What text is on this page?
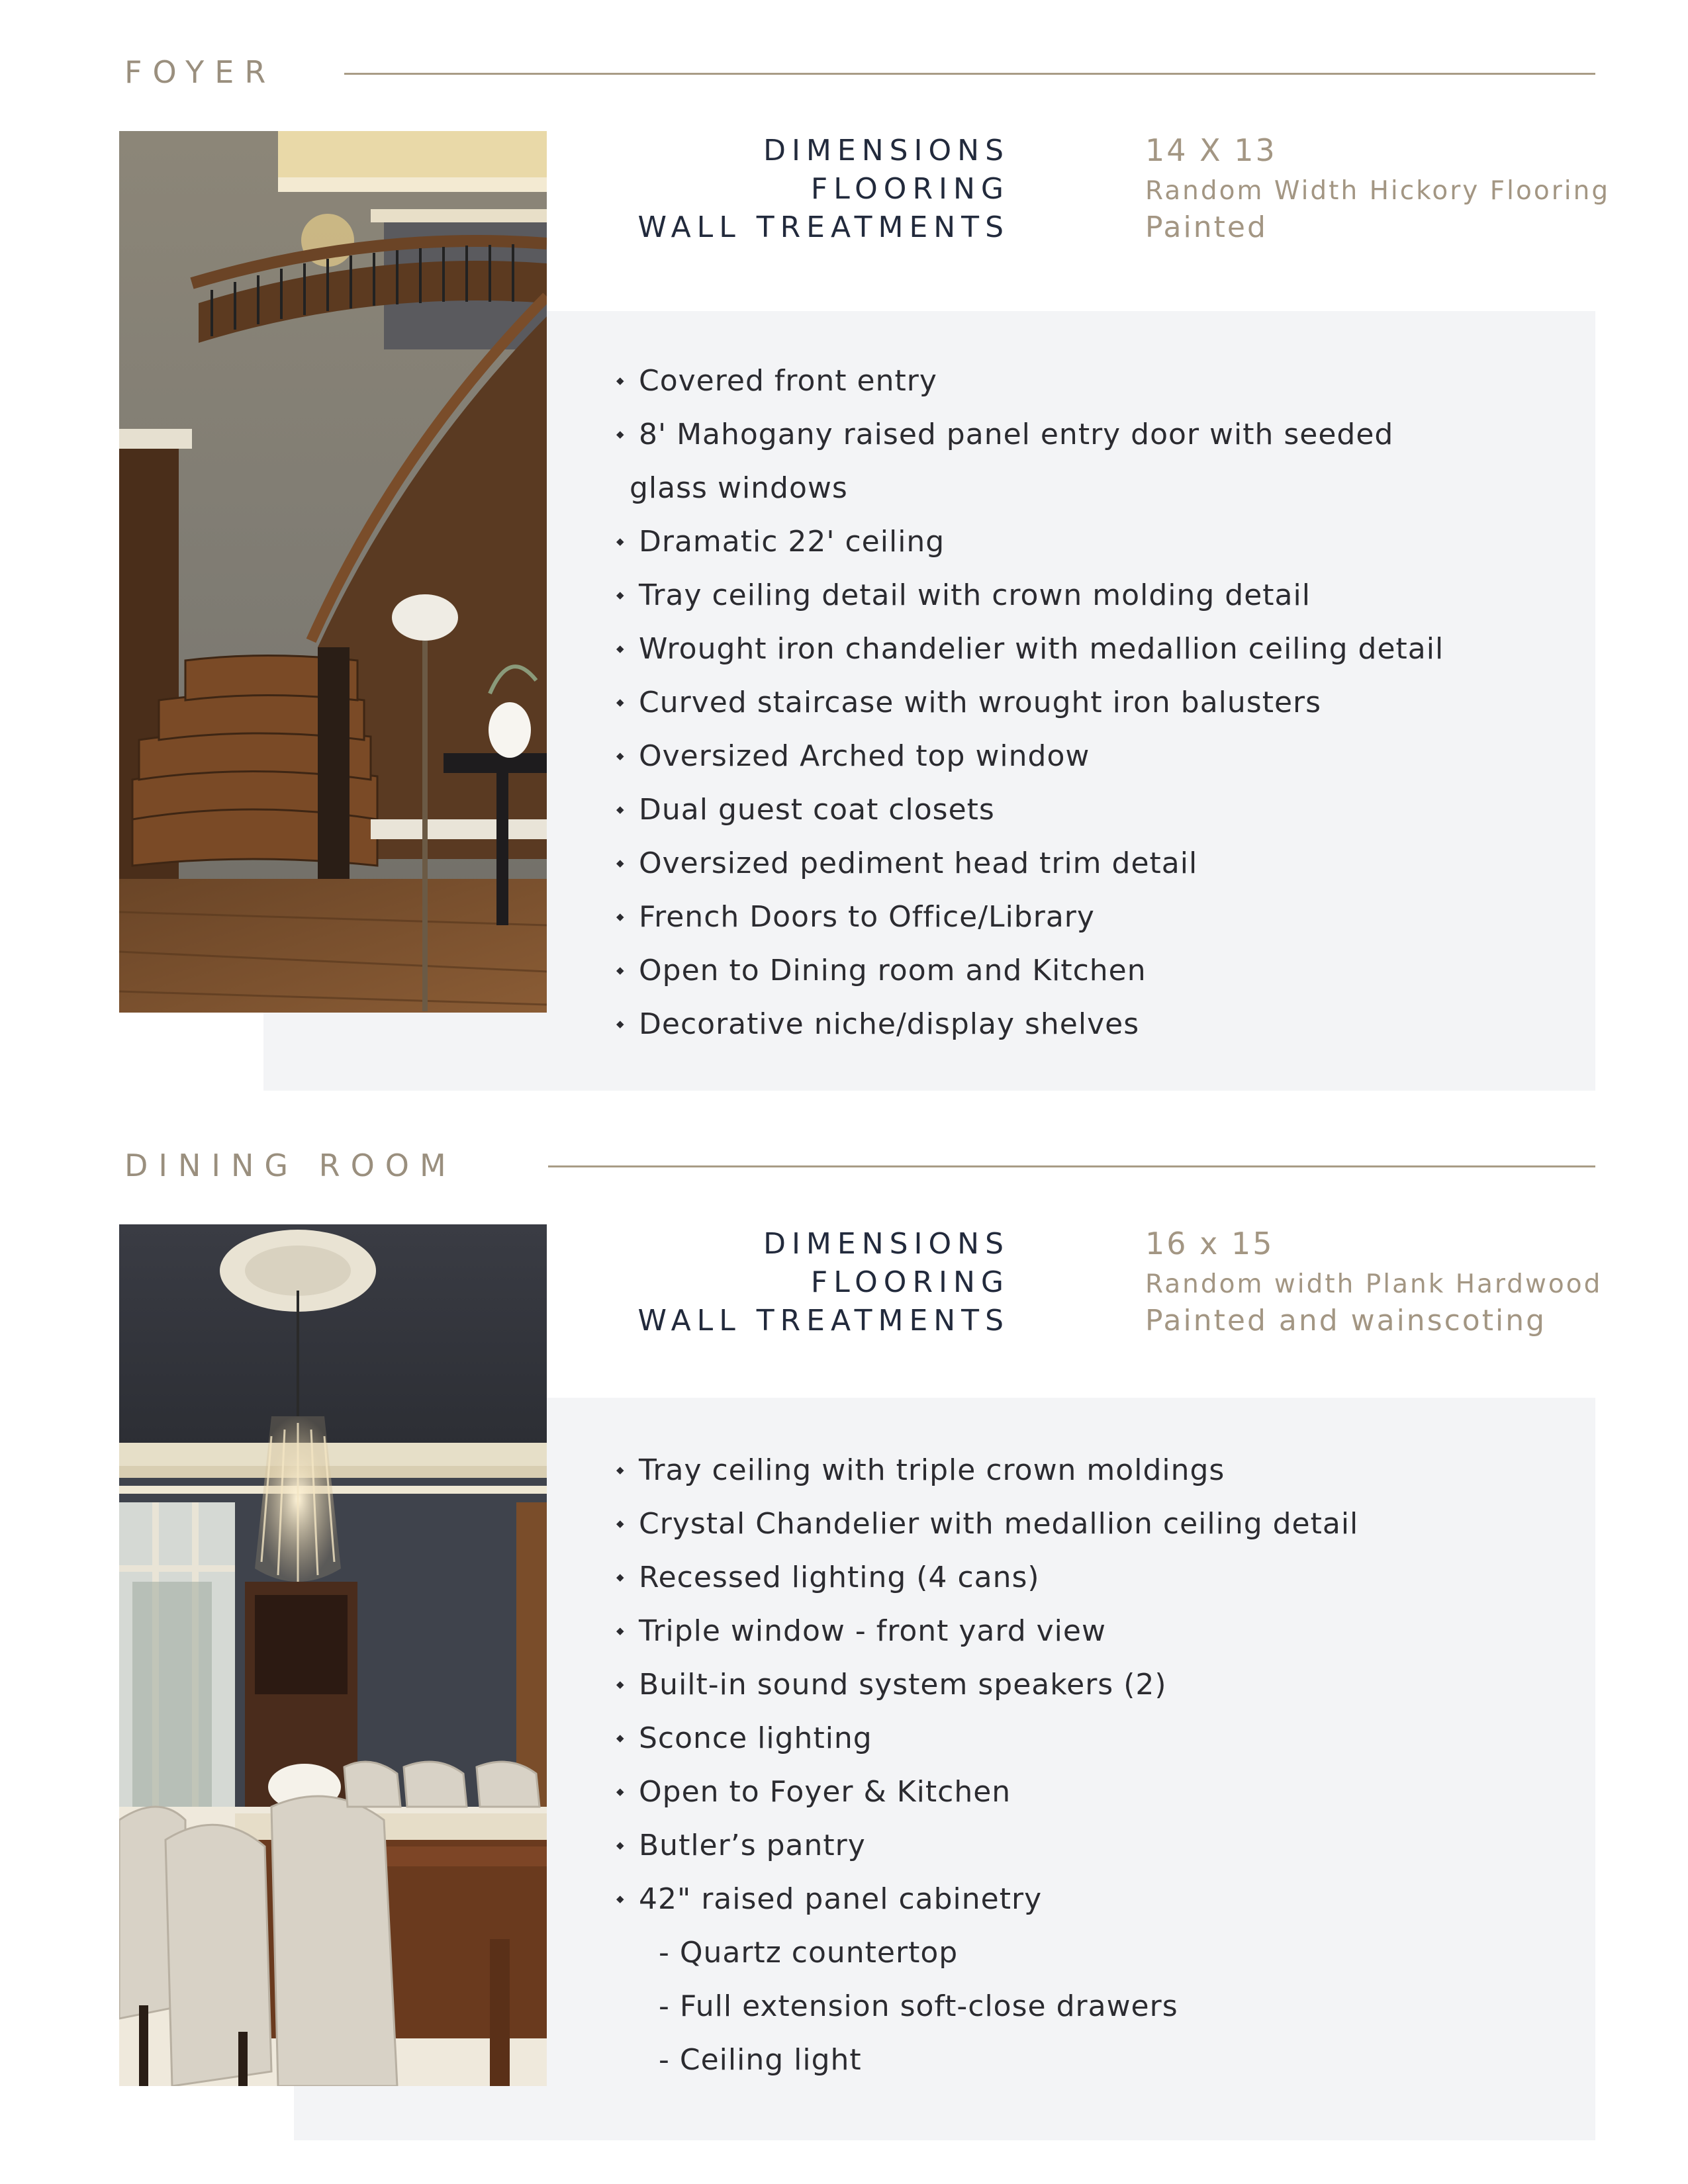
FOYER
DIMENSIONS	14 X 13
FLOORING	Random Width Hickory Flooring
WALL TREATMENTS	Painted
◆ Covered front entry
◆ 8' Mahogany raised panel entry door with seeded
glass windows
◆ Dramatic 22' ceiling
◆ Tray ceiling detail with crown molding detail
◆ Wrought iron chandelier with medallion ceiling detail
◆ Curved staircase with wrought iron balusters
◆ Oversized Arched top window
◆ Dual guest coat closets
◆ Oversized pediment head trim detail
◆ French Doors to Office/Library
◆ Open to Dining room and Kitchen
◆ Decorative niche/display shelves
DINING ROOM
DIMENSIONS	16 x 15
FLOORING	Random width Plank Hardwood
WALL TREATMENTS	Painted and wainscoting
◆ Tray ceiling with triple crown moldings
◆ Crystal Chandelier with medallion ceiling detail
◆ Recessed lighting (4 cans)
◆ Triple window - front yard view
◆ Built-in sound system speakers (2)
◆ Sconce lighting
◆ Open to Foyer & Kitchen
◆ Butler’s pantry
◆ 42" raised panel cabinetry
- Quartz countertop
- Full extension soft-close drawers
- Ceiling light
